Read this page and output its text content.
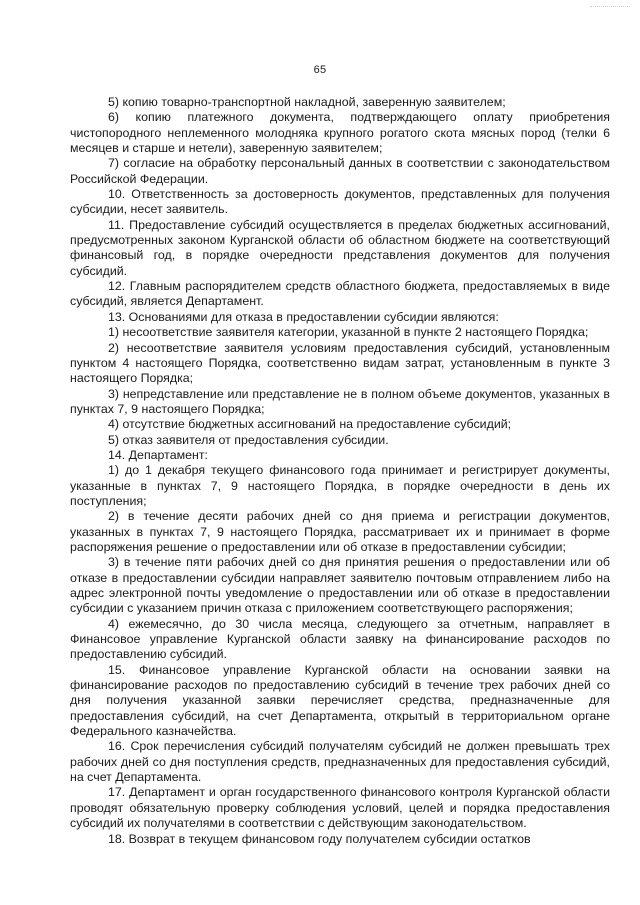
65

5) копию товарно-транспортной накладной, заверенную заявителем;

6) копию платежного документа, подтверждающего оплату приобретения чистопородного неплеменного молодняка крупного рогатого скота мясных пород (телки 6 месяцев и старше и нетели), заверенную заявителем;

7) согласие на обработку персональный данных в соответствии с законодательством Российской Федерации.

10. Ответственность за достоверность документов, представленных для получения субсидии, несет заявитель.

11. Предоставление субсидий осуществляется в пределах бюджетных ассигнований, предусмотренных законом Курганской области об областном бюджете на соответствующий финансовый год, в порядке очередности представления документов для получения субсидий.

12. Главным распорядителем средств областного бюджета, предоставляемых в виде субсидий, является Департамент.

13. Основаниями для отказа в предоставлении субсидии являются:

1) несоответствие заявителя категории, указанной в пункте 2 настоящего Порядка;

2) несоответствие заявителя условиям предоставления субсидий, установленным пунктом 4 настоящего Порядка, соответственно видам затрат, установленным в пункте 3 настоящего Порядка;

3) непредставление или представление не в полном объеме документов, указанных в пунктах 7, 9 настоящего Порядка;

4) отсутствие бюджетных ассигнований на предоставление субсидий;

5) отказ заявителя от предоставления субсидии.

14. Департамент:

1) до 1 декабря текущего финансового года принимает и регистрирует документы, указанные в пунктах 7, 9 настоящего Порядка, в порядке очередности в день их поступления;

2) в течение десяти рабочих дней со дня приема и регистрации документов, указанных в пунктах 7, 9 настоящего Порядка, рассматривает их и принимает в форме распоряжения решение о предоставлении или об отказе в предоставлении субсидии;

3) в течение пяти рабочих дней со дня принятия решения о предоставлении или об отказе в предоставлении субсидии направляет заявителю почтовым отправлением либо на адрес электронной почты уведомление о предоставлении или об отказе в предоставлении субсидии с указанием причин отказа с приложением соответствующего распоряжения;

4) ежемесячно, до 30 числа месяца, следующего за отчетным, направляет в Финансовое управление Курганской области заявку на финансирование расходов по предоставлению субсидий.

15. Финансовое управление Курганской области на основании заявки на финансирование расходов по предоставлению субсидий в течение трех рабочих дней со дня получения указанной заявки перечисляет средства, предназначенные для предоставления субсидий, на счет Департамента, открытый в территориальном органе Федерального казначейства.

16. Срок перечисления субсидий получателям субсидий не должен превышать трех рабочих дней со дня поступления средств, предназначенных для предоставления субсидий, на счет Департамента.

17. Департамент и орган государственного финансового контроля Курганской области проводят обязательную проверку соблюдения условий, целей и порядка предоставления субсидий их получателями в соответствии с действующим законодательством.

18. Возврат в текущем финансовом году получателем субсидии остатков
